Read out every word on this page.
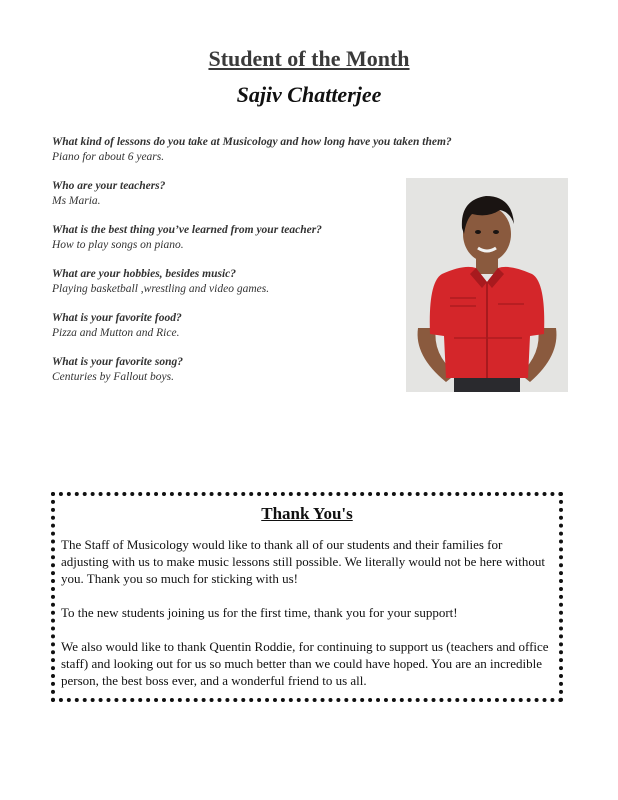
Student of the Month
Sajiv Chatterjee
What kind of lessons do you take at Musicology and how long have you taken them?
Piano for about 6 years.
Who are your teachers?
Ms Maria.
What is the best thing you’ve learned from your teacher?
How to play songs on piano.
What are your hobbies, besides music?
Playing basketball ,wrestling and video games.
What is your favorite food?
Pizza and Mutton and Rice.
What is your favorite song?
Centuries by Fallout boys.
Thank You's

The Staff of Musicology would like to thank all of our students and their families for adjusting with us to make music lessons still possible. We literally would not be here without you. Thank you so much for sticking with us!

To the new students joining us for the first time, thank you for your support!

We also would like to thank Quentin Roddie, for continuing to support us (teachers and office staff) and looking out for us so much better than we could have hoped. You are an incredible person, the best boss ever, and a wonderful friend to us all.
